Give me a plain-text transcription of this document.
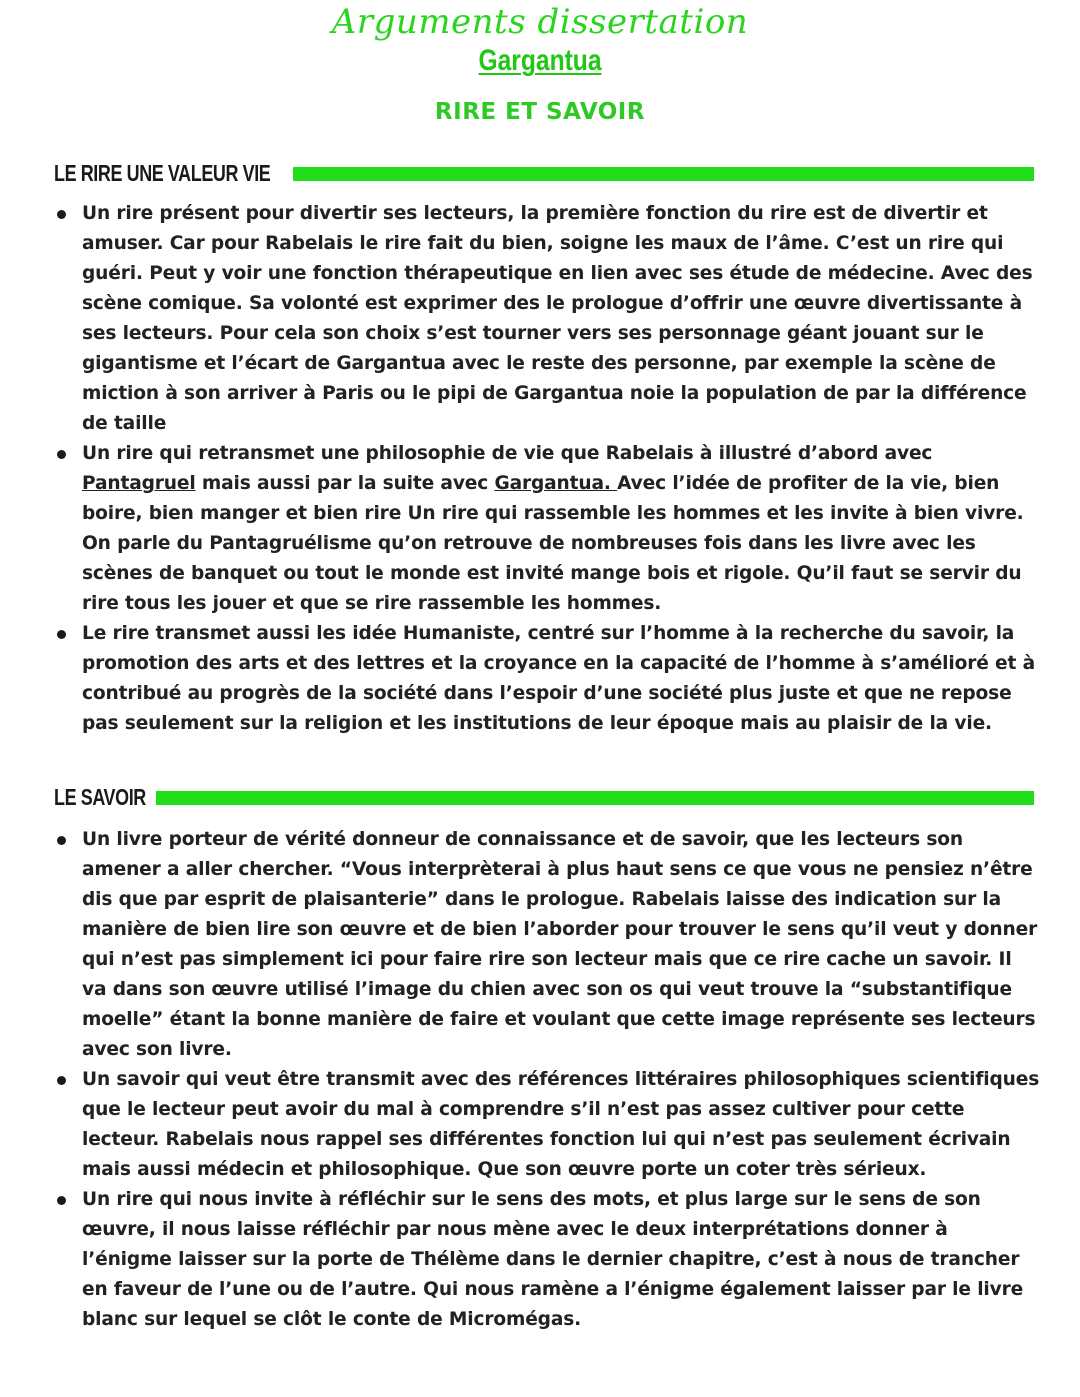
Arguments dissertation
Gargantua
RIRE ET SAVOIR
LE RIRE UNE VALEUR VIE
Un rire présent pour divertir ses lecteurs, la première fonction du rire est de divertir et amuser. Car pour Rabelais le rire fait du bien, soigne les maux de l’âme. C’est un rire qui guéri. Peut y voir une fonction thérapeutique en lien avec ses étude de médecine. Avec des scène comique. Sa volonté est exprimer des le prologue d’offrir une œuvre divertissante à ses lecteurs. Pour cela son choix s’est tourner vers ses personnage géant jouant sur le gigantisme et l’écart de Gargantua avec le reste des personne, par exemple la scène de miction à son arriver à Paris ou le pipi de Gargantua noie la population de par la différence de taille
Un rire qui retransmet une philosophie de vie que Rabelais à illustré d’abord avec Pantagruel mais aussi par la suite avec Gargantua. Avec l’idée de profiter de la vie, bien boire, bien manger et bien rire Un rire qui rassemble les hommes et les invite à bien vivre. On parle du Pantagruélisme qu’on retrouve de nombreuses fois dans les livre avec les scènes de banquet ou tout le monde est invité mange bois et rigole. Qu’il faut se servir du rire tous les jouer et que se rire rassemble les hommes.
Le rire transmet aussi les idée Humaniste, centré sur l’homme à la recherche du savoir, la promotion des arts et des lettres et la croyance en la capacité de l’homme à s’amélioré et à contribué au progrès de la société dans l’espoir d’une société plus juste et que ne repose pas seulement sur la religion et les institutions de leur époque mais au plaisir de la vie.
LE SAVOIR
Un livre porteur de vérité donneur de connaissance et de savoir, que les lecteurs son amener a aller chercher. “Vous interprèterai à plus haut sens ce que vous ne pensiez n’être dis que par esprit de plaisanterie” dans le prologue. Rabelais laisse des indication sur la manière de bien lire son œuvre et de bien l’aborder pour trouver le sens qu’il veut y donner qui n’est pas simplement ici pour faire rire son lecteur mais que ce rire cache un savoir. Il va dans son œuvre utilisé l’image du chien avec son os qui veut trouve la “substantifique moelle” étant la bonne manière de faire et voulant que cette image représente ses lecteurs avec son livre.
Un savoir qui veut être transmit avec des références littéraires philosophiques scientifiques que le lecteur peut avoir du mal à comprendre s’il n’est pas assez cultiver pour cette lecteur. Rabelais nous rappel ses différentes fonction lui qui n’est pas seulement écrivain mais aussi médecin et philosophique. Que son œuvre porte un coter très sérieux.
Un rire qui nous invite à réfléchir sur le sens des mots, et plus large sur le sens de son œuvre, il nous laisse réfléchir par nous mène avec le deux interprétations donner à l’énigme laisser sur la porte de Thélème dans le dernier chapitre, c’est à nous de trancher en faveur de l’une ou de l’autre. Qui nous ramène a l’énigme également laisser par le livre blanc sur lequel se clôt le conte de Micromégas.
